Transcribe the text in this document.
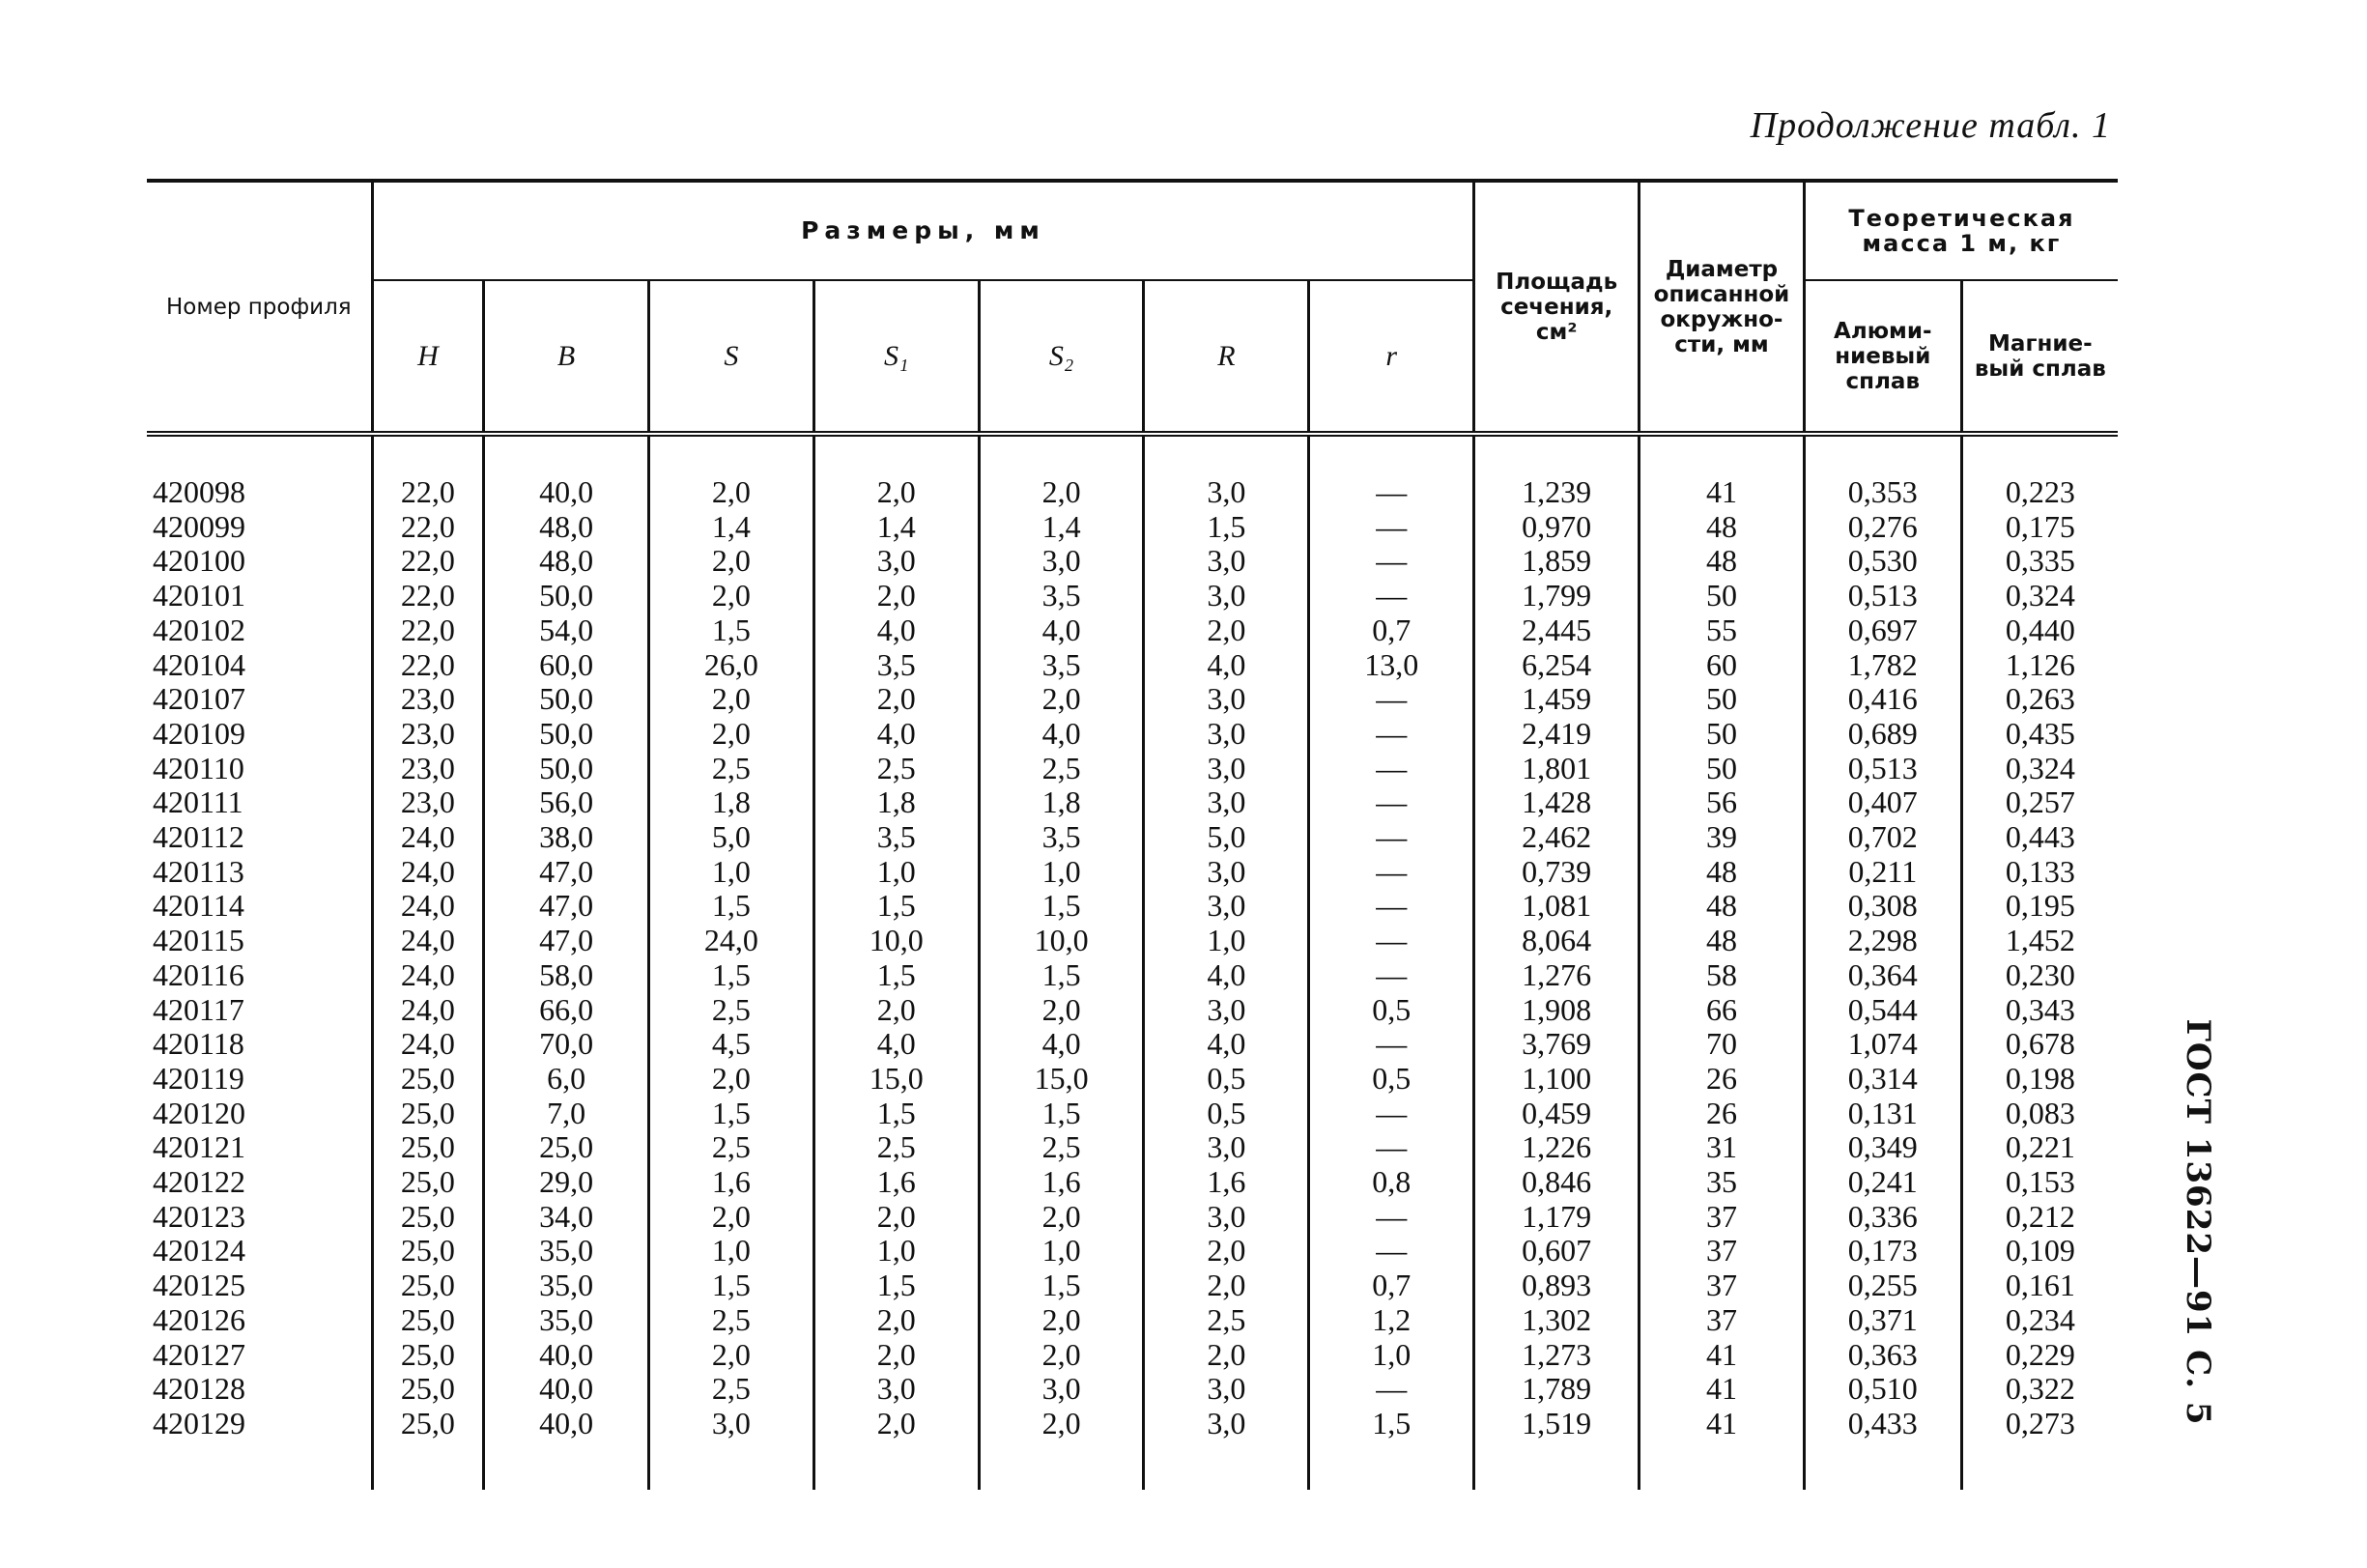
Продолжение табл. 1
ГОСТ 13622—91 С. 5
Номер профиля	Размеры, мм							Площадь сечения, см²	Диаметр описанной окружно-сти, мм	Теоретическая масса 1 м, кг	
	H	B	S	S₁	S₂	R	r			Алюми-ниевый сплав	Магние-вый сплав
420098	22,0	40,0	2,0	2,0	2,0	3,0	—	1,239	41	0,353	0,223
420099	22,0	48,0	1,4	1,4	1,4	1,5	—	0,970	48	0,276	0,175
420100	22,0	48,0	2,0	3,0	3,0	3,0	—	1,859	48	0,530	0,335
420101	22,0	50,0	2,0	2,0	3,5	3,0	—	1,799	50	0,513	0,324
420102	22,0	54,0	1,5	4,0	4,0	2,0	0,7	2,445	55	0,697	0,440
420104	22,0	60,0	26,0	3,5	3,5	4,0	13,0	6,254	60	1,782	1,126
420107	23,0	50,0	2,0	2,0	2,0	3,0	—	1,459	50	0,416	0,263
420109	23,0	50,0	2,0	4,0	4,0	3,0	—	2,419	50	0,689	0,435
420110	23,0	50,0	2,5	2,5	2,5	3,0	—	1,801	50	0,513	0,324
420111	23,0	56,0	1,8	1,8	1,8	3,0	—	1,428	56	0,407	0,257
420112	24,0	38,0	5,0	3,5	3,5	5,0	—	2,462	39	0,702	0,443
420113	24,0	47,0	1,0	1,0	1,0	3,0	—	0,739	48	0,211	0,133
420114	24,0	47,0	1,5	1,5	1,5	3,0	—	1,081	48	0,308	0,195
420115	24,0	47,0	24,0	10,0	10,0	1,0	—	8,064	48	2,298	1,452
420116	24,0	58,0	1,5	1,5	1,5	4,0	—	1,276	58	0,364	0,230
420117	24,0	66,0	2,5	2,0	2,0	3,0	0,5	1,908	66	0,544	0,343
420118	24,0	70,0	4,5	4,0	4,0	4,0	—	3,769	70	1,074	0,678
420119	25,0	6,0	2,0	15,0	15,0	0,5	0,5	1,100	26	0,314	0,198
420120	25,0	7,0	1,5	1,5	1,5	0,5	—	0,459	26	0,131	0,083
420121	25,0	25,0	2,5	2,5	2,5	3,0	—	1,226	31	0,349	0,221
420122	25,0	29,0	1,6	1,6	1,6	1,6	0,8	0,846	35	0,241	0,153
420123	25,0	34,0	2,0	2,0	2,0	3,0	—	1,179	37	0,336	0,212
420124	25,0	35,0	1,0	1,0	1,0	2,0	—	0,607	37	0,173	0,109
420125	25,0	35,0	1,5	1,5	1,5	2,0	0,7	0,893	37	0,255	0,161
420126	25,0	35,0	2,5	2,0	2,0	2,5	1,2	1,302	37	0,371	0,234
420127	25,0	40,0	2,0	2,0	2,0	2,0	1,0	1,273	41	0,363	0,229
420128	25,0	40,0	2,5	3,0	3,0	3,0	—	1,789	41	0,510	0,322
420129	25,0	40,0	3,0	2,0	2,0	3,0	1,5	1,519	41	0,433	0,273
